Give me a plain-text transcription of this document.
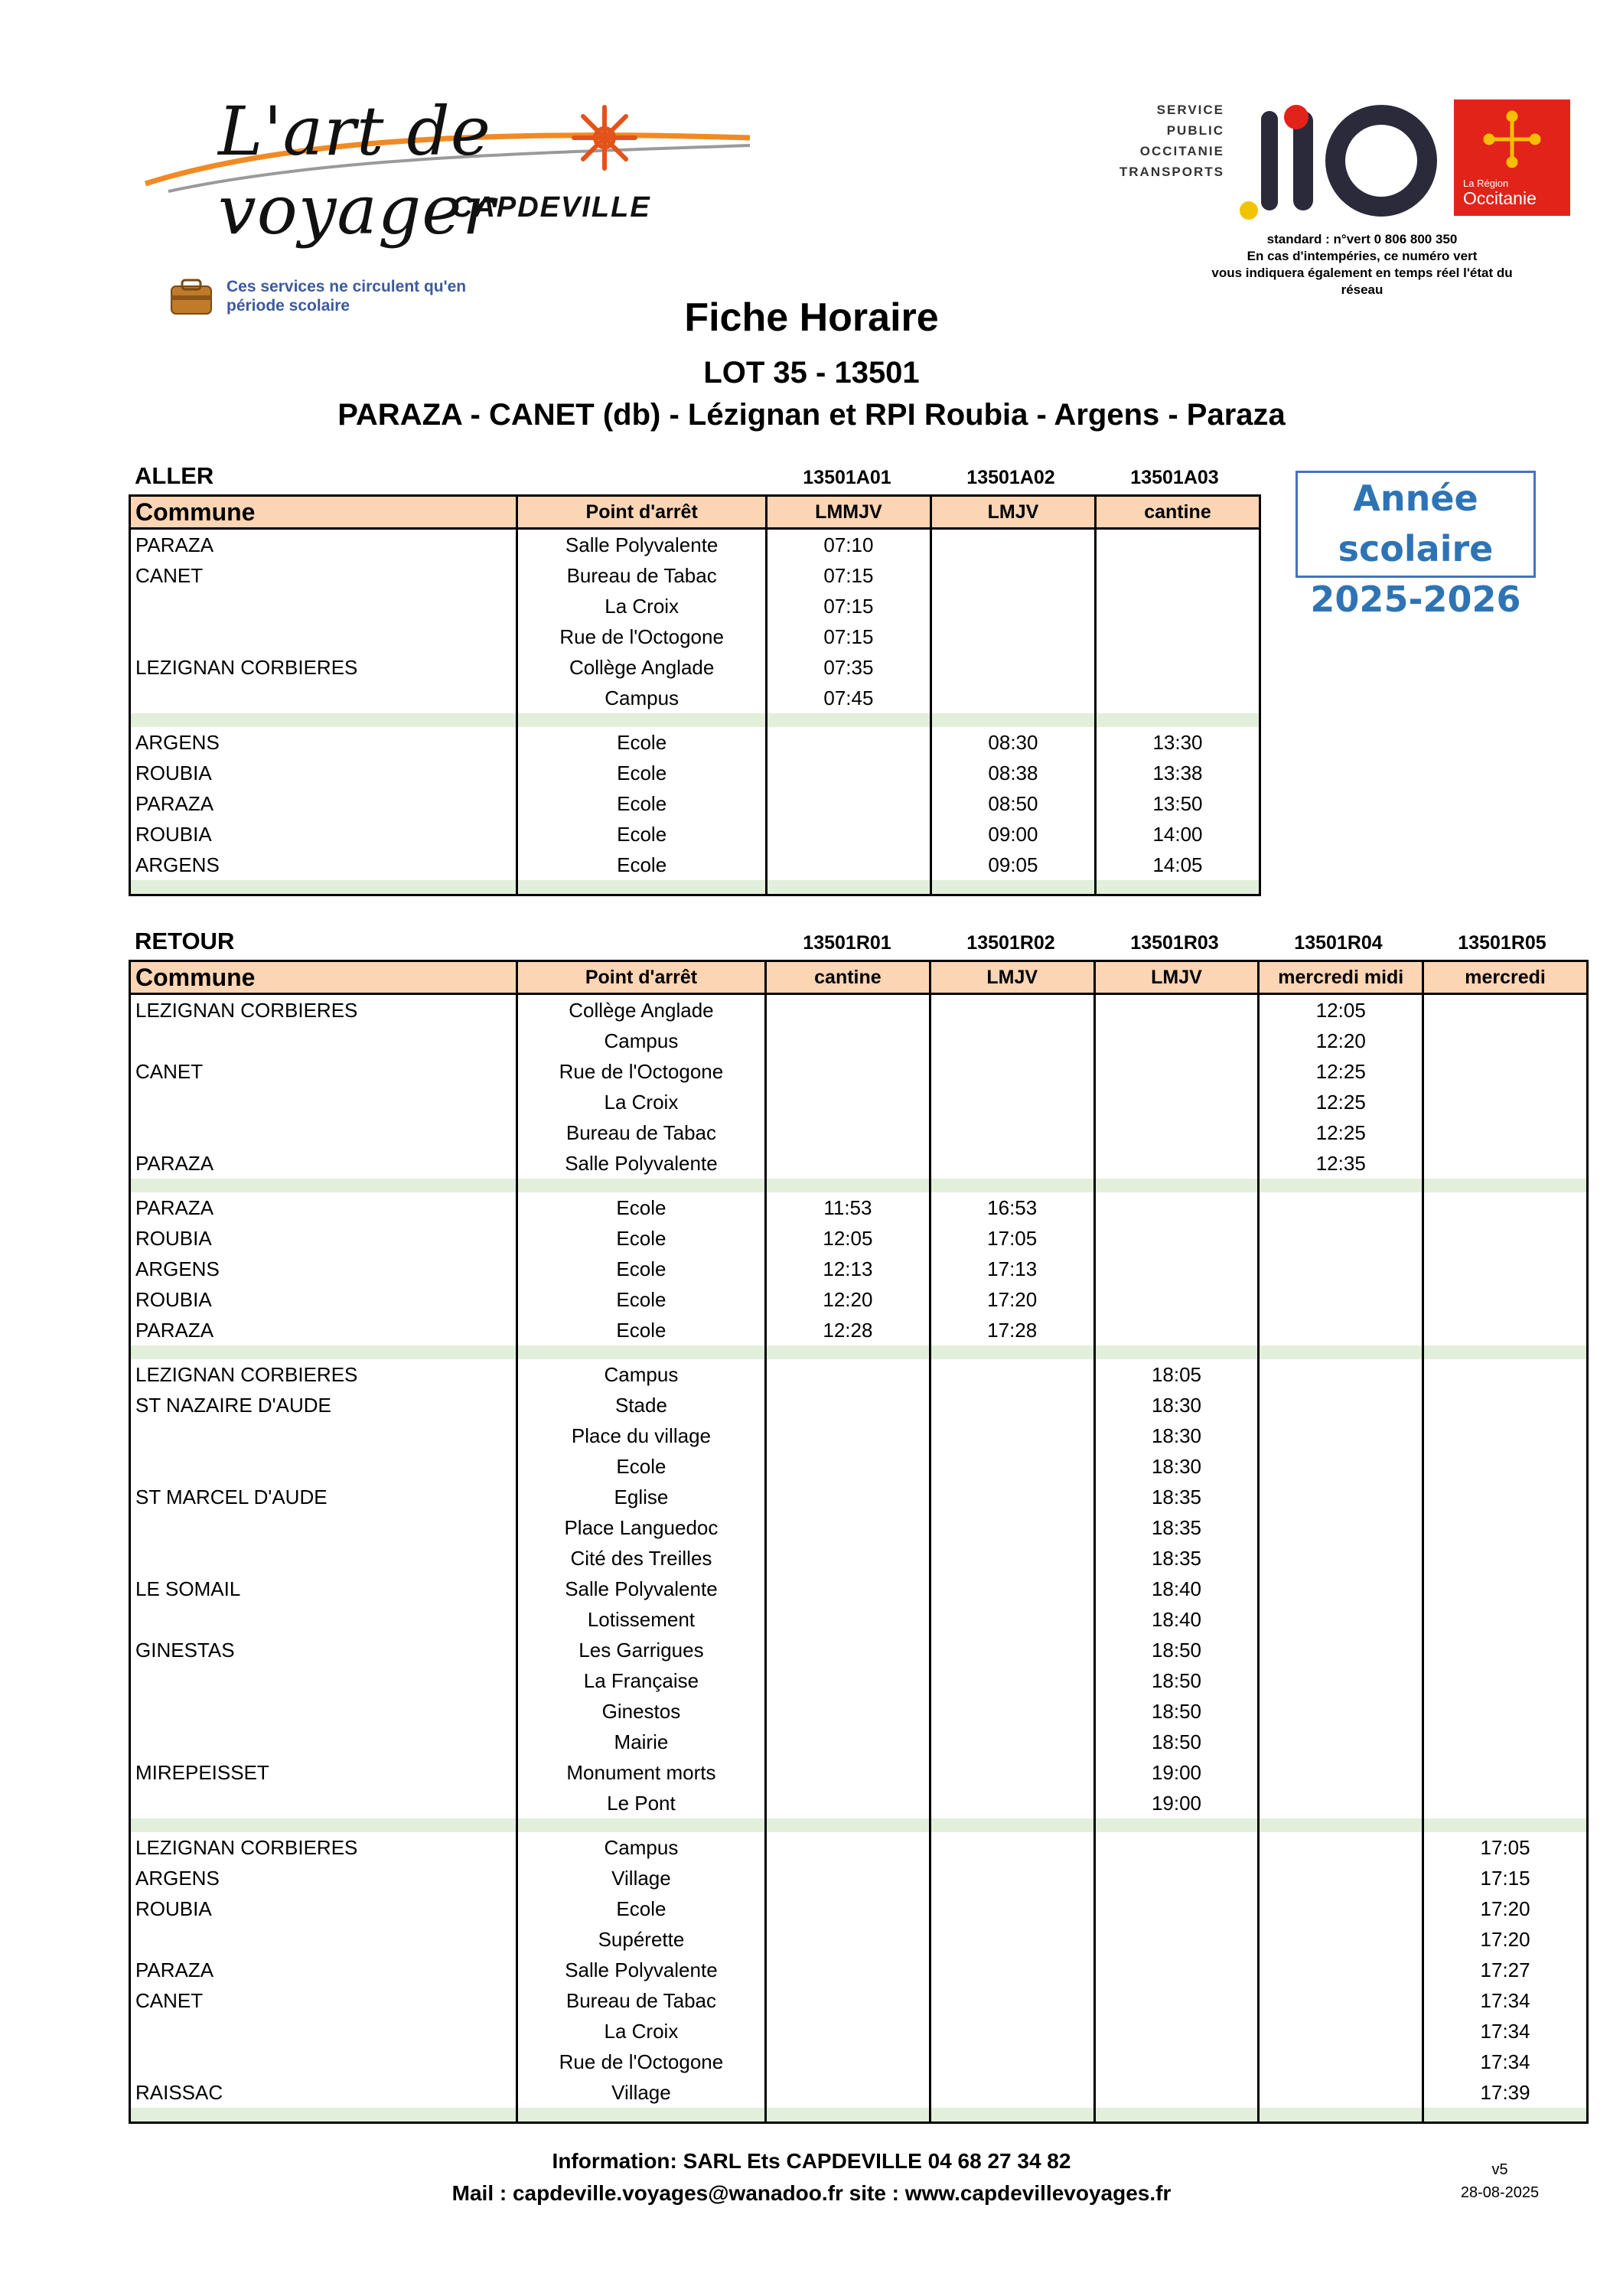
L'art de voyager
CAPDEVILLE
Ces services ne circulent qu'en période scolaire
SERVICE
PUBLIC
OCCITANIE
TRANSPORTS
La Région
Occitanie
standard : n°vert 0 806 800 350
En cas d'intempéries, ce numéro vert
vous indiquera également en temps réel l'état du
réseau
Fiche Horaire
LOT 35 - 13501
PARAZA - CANET (db) - Lézignan et RPI Roubia - Argens - Paraza
Année scolaire
2025-2026
ALLER	13501A01	13501A02	13501A03
Commune	Point d'arrêt	LMMJV	LMJV	cantine
PARAZA	Salle Polyvalente	07:10		
CANET	Bureau de Tabac	07:15		
	La Croix	07:15		
	Rue de l'Octogone	07:15		
LEZIGNAN CORBIERES	Collège Anglade	07:35		
	Campus	07:45		

ARGENS	Ecole		08:30	13:30
ROUBIA	Ecole		08:38	13:38
PARAZA	Ecole		08:50	13:50
ROUBIA	Ecole		09:00	14:00
ARGENS	Ecole		09:05	14:05

RETOUR	13501R01	13501R02	13501R03	13501R04	13501R05
Commune	Point d'arrêt	cantine	LMJV	LMJV	mercredi midi	mercredi
LEZIGNAN CORBIERES	Collège Anglade				12:05	
	Campus				12:20	
CANET	Rue de l'Octogone				12:25	
	La Croix				12:25	
	Bureau de Tabac				12:25	
PARAZA	Salle Polyvalente				12:35	

PARAZA	Ecole	11:53	16:53			
ROUBIA	Ecole	12:05	17:05			
ARGENS	Ecole	12:13	17:13			
ROUBIA	Ecole	12:20	17:20			
PARAZA	Ecole	12:28	17:28			

LEZIGNAN CORBIERES	Campus			18:05		
ST NAZAIRE D'AUDE	Stade			18:30		
	Place du village			18:30		
	Ecole			18:30		
ST MARCEL D'AUDE	Eglise			18:35		
	Place Languedoc			18:35		
	Cité des Treilles			18:35		
LE SOMAIL	Salle Polyvalente			18:40		
	Lotissement			18:40		
GINESTAS	Les Garrigues			18:50		
	La Française			18:50		
	Ginestos			18:50		
	Mairie			18:50		
MIREPEISSET	Monument morts			19:00		
	Le Pont			19:00		

LEZIGNAN CORBIERES	Campus					17:05
ARGENS	Village					17:15
ROUBIA	Ecole					17:20
	Supérette					17:20
PARAZA	Salle Polyvalente					17:27
CANET	Bureau de Tabac					17:34
	La Croix					17:34
	Rue de l'Octogone					17:34
RAISSAC	Village					17:39

Information: SARL Ets CAPDEVILLE 04 68 27 34 82
Mail : capdeville.voyages@wanadoo.fr site : www.capdevillevoyages.fr
v5
28-08-2025
